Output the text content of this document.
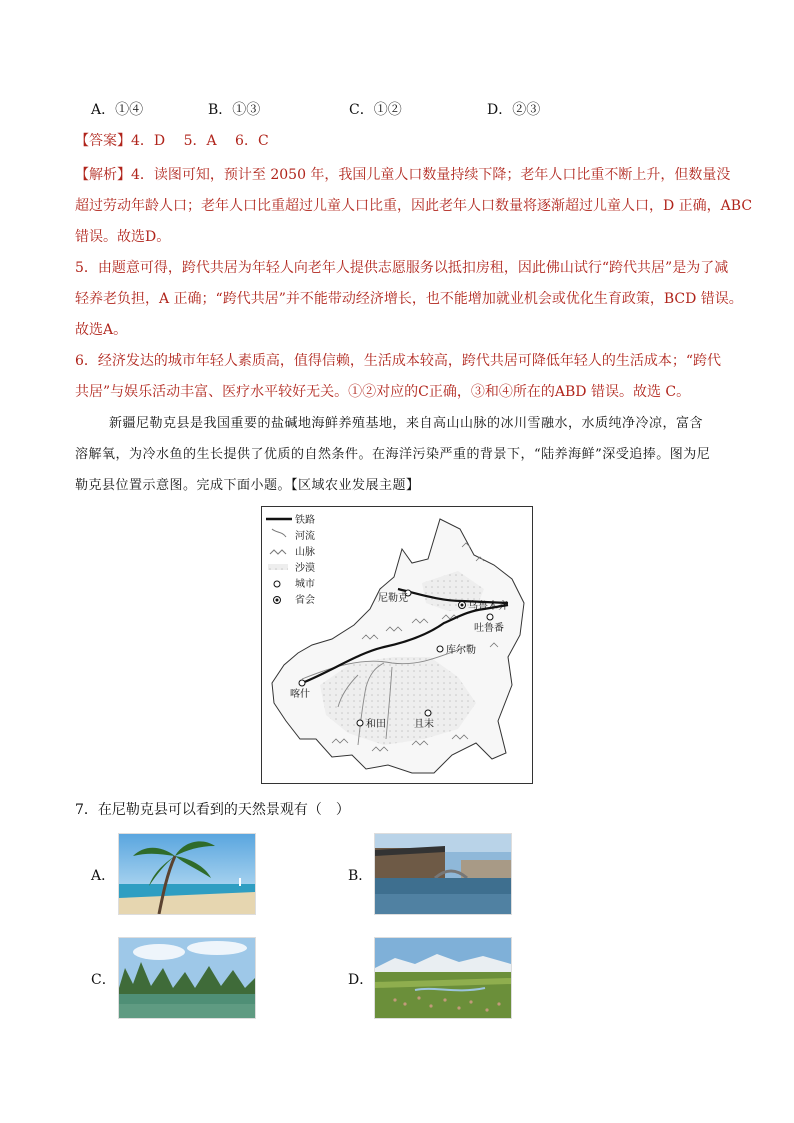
A．①④	B．①③	C．①②	D．②③
【答案】4．D　 5．A　 6．C
【解析】4．读图可知，预计至 2050 年，我国儿童人口数量持续下降；老年人口比重不断上升，但数量没
超过劳动年龄人口；老年人口比重超过儿童人口比重，因此老年人口数量将逐渐超过儿童人口，D 正确，ABC
错误。故选D。
5．由题意可得，跨代共居为年轻人向老年人提供志愿服务以抵扣房租，因此佛山试行“跨代共居”是为了减
轻养老负担，A 正确；“跨代共居”并不能带动经济增长，也不能增加就业机会或优化生育政策，BCD 错误。
故选A。
6．经济发达的城市年轻人素质高，值得信赖，生活成本较高，跨代共居可降低年轻人的生活成本；“跨代
共居”与娱乐活动丰富、医疗水平较好无关。①②对应的C正确，③和④所在的ABD 错误。故选 C。
新疆尼勒克县是我国重要的盐碱地海鲜养殖基地，来自高山山脉的冰川雪融水，水质纯净冷凉，富含
溶解氧，为冷水鱼的生长提供了优质的自然条件。在海洋污染严重的背景下，“陆养海鲜”深受追捧。图为尼
勒克县位置示意图。完成下面小题。【区域农业发展主题】
铁路
河流
山脉
沙漠
城市
省会	尼勒克
乌鲁木齐
吐鲁番
库尔勒
喀什
和田	且末
7．在尼勒克县可以看到的天然景观有（　）
A．	B．
C．	D．
